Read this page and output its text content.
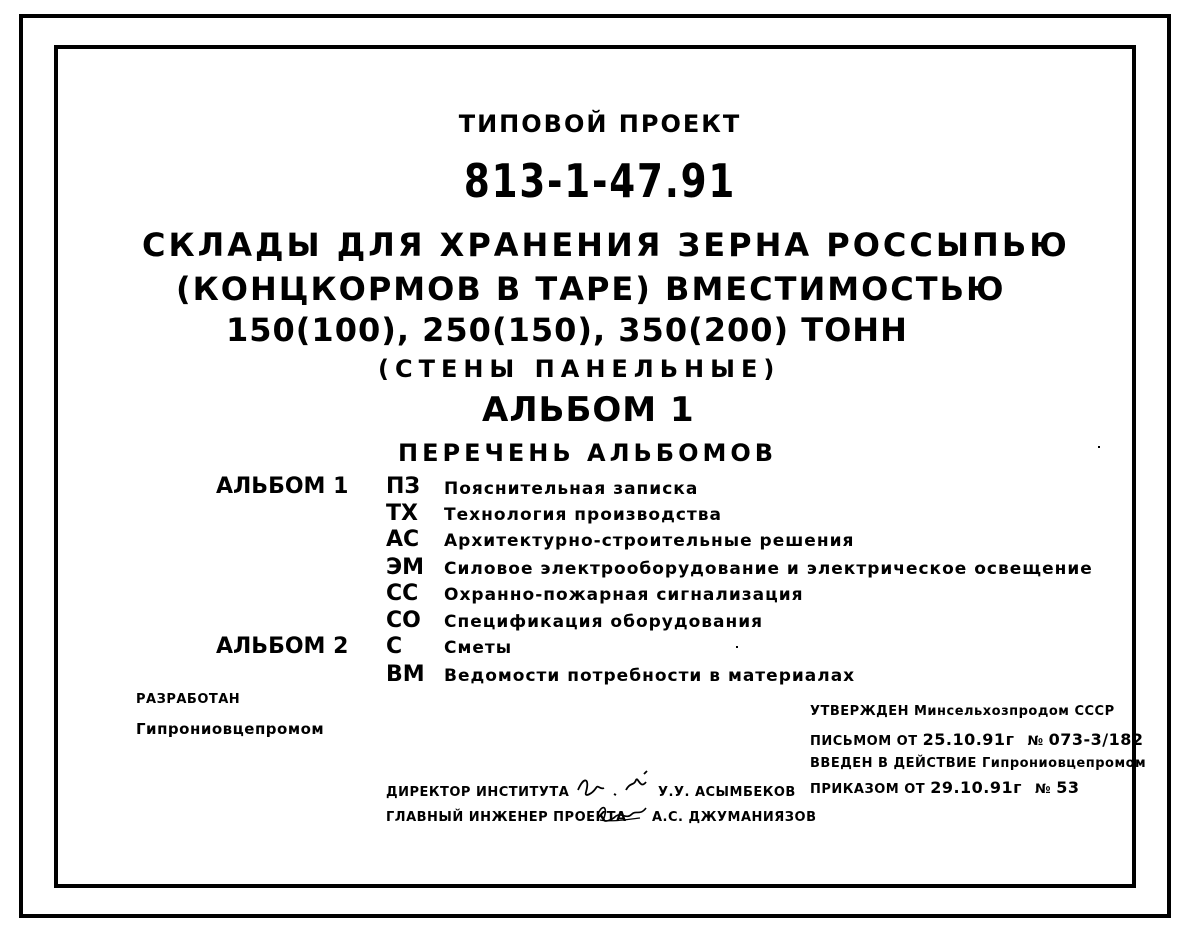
ТИПОВОЙ ПРОЕКТ
813-1-47.91
СКЛАДЫ ДЛЯ ХРАНЕНИЯ ЗЕРНА РОССЫПЬЮ
(КОНЦКОРМОВ В ТАРЕ) ВМЕСТИМОСТЬЮ
150(100), 250(150), 350(200) ТОНН
(СТЕНЫ ПАНЕЛЬНЫЕ)
АЛЬБОМ 1
ПЕРЕЧЕНЬ АЛЬБОМОВ
АЛЬБОМ 1 ПЗ Пояснительная записка
ТХ Технология производства
АС Архитектурно-строительные решения
ЭМ Силовое электрооборудование и электрическое освещение
СС Охранно-пожарная сигнализация
СО Спецификация оборудования
АЛЬБОМ 2 С Сметы
ВМ Ведомости потребности в материалах
РАЗРАБОТАН
Гипрониовцепромом
УТВЕРЖДЕН Минсельхозпродом СССР
ПИСЬМОМ ОТ 25.10.91г № 073-3/182
ВВЕДЕН В ДЕЙСТВИЕ Гипрониовцепромом
ПРИКАЗОМ ОТ 29.10.91г № 53
ДИРЕКТОР ИНСТИТУТА	У.У. АСЫМБЕКОВ
ГЛАВНЫЙ ИНЖЕНЕР ПРОЕКТА А.С. ДЖУМАНИЯЗОВ
